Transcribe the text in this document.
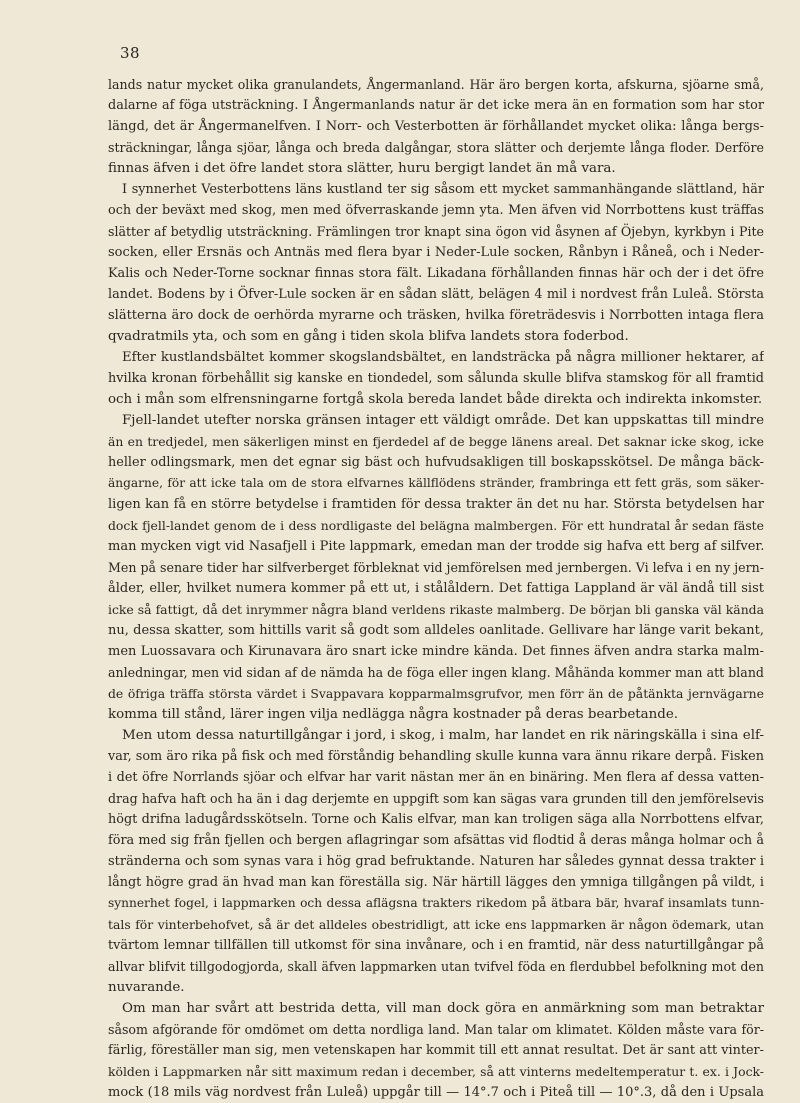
38
lands natur mycket olika granulandets, Ångermanland. Här äro bergen korta, afskurna, sjöarne små,
dalarne af föga utsträckning. I Ångermanlands natur är det icke mera än en formation som har stor
längd, det är Ångermanelfven. I Norr- och Vesterbotten är förhållandet mycket olika: långa bergs-
sträckningar, långa sjöar, långa och breda dalgångar, stora slätter och derjemte långa floder. Derföre
finnas äfven i det öfre landet stora slätter, huru bergigt landet än må vara.
I synnerhet Vesterbottens läns kustland ter sig såsom ett mycket sammanhängande slättland, här
och der beväxt med skog, men med öfverraskande jemn yta. Men äfven vid Norrbottens kust träffas
slätter af betydlig utsträckning. Främlingen tror knapt sina ögon vid åsynen af Öjebyn, kyrkbyn i Pite
socken, eller Ersnäs och Antnäs med flera byar i Neder-Lule socken, Rånbyn i Råneå, och i Neder-
Kalis och Neder-Torne socknar finnas stora fält. Likadana förhållanden finnas här och der i det öfre
landet. Bodens by i Öfver-Lule socken är en sådan slätt, belägen 4 mil i nordvest från Luleå. Största
slätterna äro dock de oerhörda myrarne och träsken, hvilka företrädesvis i Norrbotten intaga flera
qvadratmils yta, och som en gång i tiden skola blifva landets stora foderbod.
Efter kustlandsbältet kommer skogslandsbältet, en landsträcka på några millioner hektarer, af
hvilka kronan förbehållit sig kanske en tiondedel, som sålunda skulle blifva stamskog för all framtid
och i mån som elfrensningarne fortgå skola bereda landet både direkta och indirekta inkomster.
Fjell-landet utefter norska gränsen intager ett väldigt område. Det kan uppskattas till mindre
än en tredjedel, men säkerligen minst en fjerdedel af de begge länens areal. Det saknar icke skog, icke
heller odlingsmark, men det egnar sig bäst och hufvudsakligen till boskapsskötsel. De många bäck-
ängarne, för att icke tala om de stora elfvarnes källflödens stränder, frambringa ett fett gräs, som säker-
ligen kan få en större betydelse i framtiden för dessa trakter än det nu har. Största betydelsen har
dock fjell-landet genom de i dess nordligaste del belägna malmbergen. För ett hundratal år sedan fäste
man mycken vigt vid Nasafjell i Pite lappmark, emedan man der trodde sig hafva ett berg af silfver.
Men på senare tider har silfverberget förbleknat vid jemförelsen med jernbergen. Vi lefva i en ny jern-
ålder, eller, hvilket numera kommer på ett ut, i stålåldern. Det fattiga Lappland är väl ändå till sist
icke så fattigt, då det inrymmer några bland verldens rikaste malmberg. De början bli ganska väl kända
nu, dessa skatter, som hittills varit så godt som alldeles oanlitade. Gellivare har länge varit bekant,
men Luossavara och Kirunavara äro snart icke mindre kända. Det finnes äfven andra starka malm-
anledningar, men vid sidan af de nämda ha de föga eller ingen klang. Måhända kommer man att bland
de öfriga träffa största värdet i Svappavara kopparmalmsgrufvor, men förr än de påtänkta jernvägarne
komma till stånd, lärer ingen vilja nedlägga några kostnader på deras bearbetande.
Men utom dessa naturtillgångar i jord, i skog, i malm, har landet en rik näringskälla i sina elf-
var, som äro rika på fisk och med förståndig behandling skulle kunna vara ännu rikare derpå. Fisken
i det öfre Norrlands sjöar och elfvar har varit nästan mer än en binäring. Men flera af dessa vatten-
drag hafva haft och ha än i dag derjemte en uppgift som kan sägas vara grunden till den jemförelsevis
högt drifna ladugårdsskötseln. Torne och Kalis elfvar, man kan troligen säga alla Norrbottens elfvar,
föra med sig från fjellen och bergen aflagringar som afsättas vid flodtid å deras många holmar och å
stränderna och som synas vara i hög grad befruktande. Naturen har således gynnat dessa trakter i
långt högre grad än hvad man kan föreställa sig. När härtill lägges den ymniga tillgången på vildt, i
synnerhet fogel, i lappmarken och dessa aflägsna trakters rikedom på ätbara bär, hvaraf insamlats tunn-
tals för vinterbehofvet, så är det alldeles obestridligt, att icke ens lappmarken är någon ödemark, utan
tvärtom lemnar tillfällen till utkomst för sina invånare, och i en framtid, när dess naturtillgångar på
allvar blifvit tillgodogjorda, skall äfven lappmarken utan tvifvel föda en flerdubbel befolkning mot den
nuvarande.
Om man har svårt att bestrida detta, vill man dock göra en anmärkning som man betraktar
såsom afgörande för omdömet om detta nordliga land. Man talar om klimatet. Kölden måste vara för-
färlig, föreställer man sig, men vetenskapen har kommit till ett annat resultat. Det är sant att vinter-
kölden i Lappmarken når sitt maximum redan i december, så att vinterns medeltemperatur t. ex. i Jock-
mock (18 mils väg nordvest från Luleå) uppgår till — 14°.7 och i Piteå till — 10°.3, då den i Upsala
